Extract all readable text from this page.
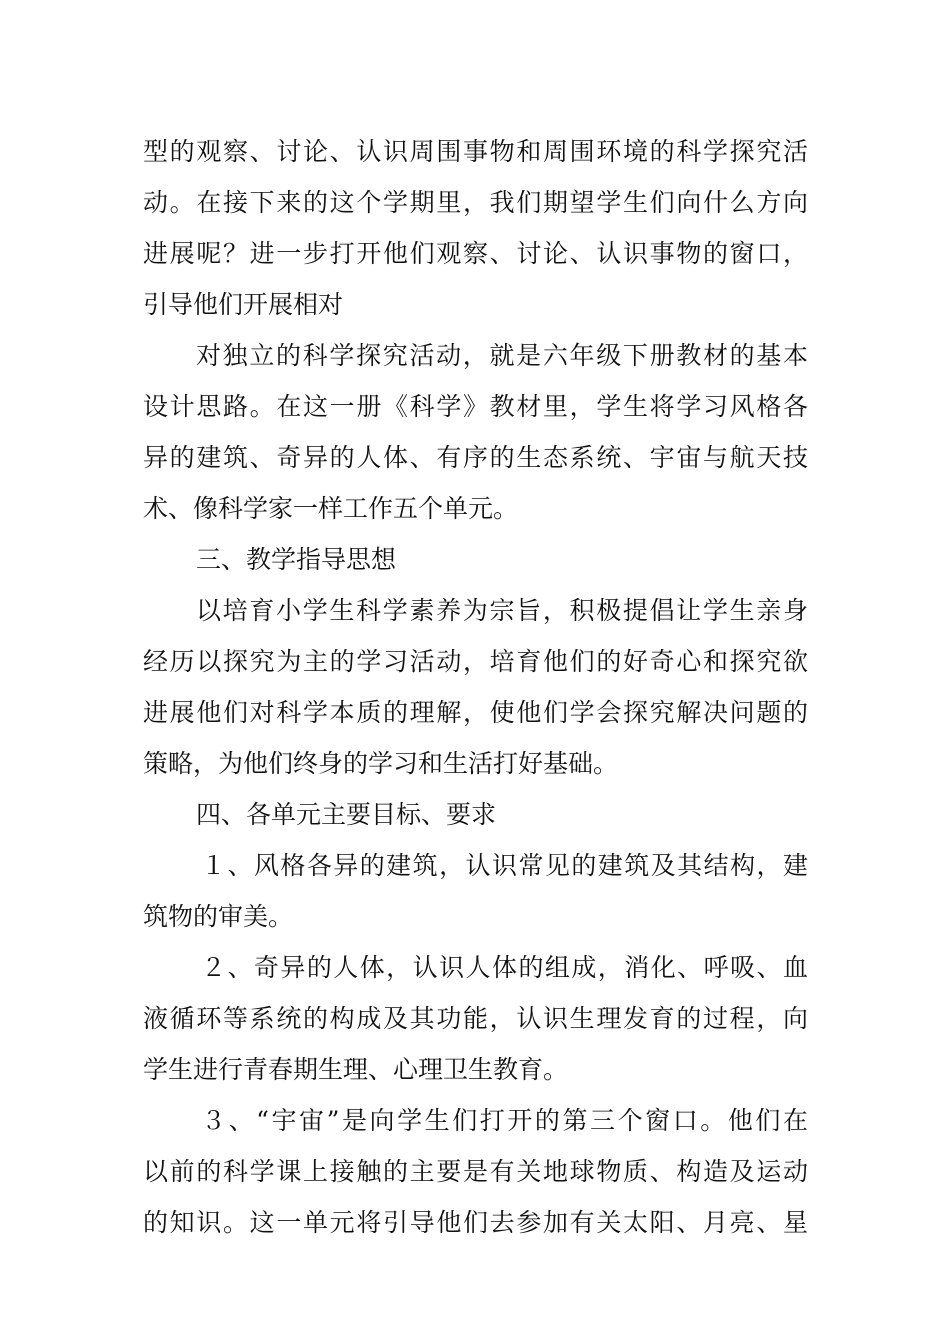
型的观察、讨论、认识周围事物和周围环境的科学探究活
动。在接下来的这个学期里，我们期望学生们向什么方向
进展呢？进一步打开他们观察、讨论、认识事物的窗口，
引导他们开展相对
对独立的科学探究活动，就是六年级下册教材的基本
设计思路。在这一册《科学》教材里，学生将学习风格各
异的建筑、奇异的人体、有序的生态系统、宇宙与航天技
术、像科学家一样工作五个单元。
三、教学指导思想
以培育小学生科学素养为宗旨，积极提倡让学生亲身
经历以探究为主的学习活动，培育他们的好奇心和探究欲
进展他们对科学本质的理解，使他们学会探究解决问题的
策略，为他们终身的学习和生活打好基础。
四、各单元主要目标、要求
１、风格各异的建筑，认识常见的建筑及其结构，建
筑物的审美。
２、奇异的人体，认识人体的组成，消化、呼吸、血
液循环等系统的构成及其功能，认识生理发育的过程，向
学生进行青春期生理、心理卫生教育。
３、“宇宙”是向学生们打开的第三个窗口。他们在
以前的科学课上接触的主要是有关地球物质、构造及运动
的知识。这一单元将引导他们去参加有关太阳、月亮、星
